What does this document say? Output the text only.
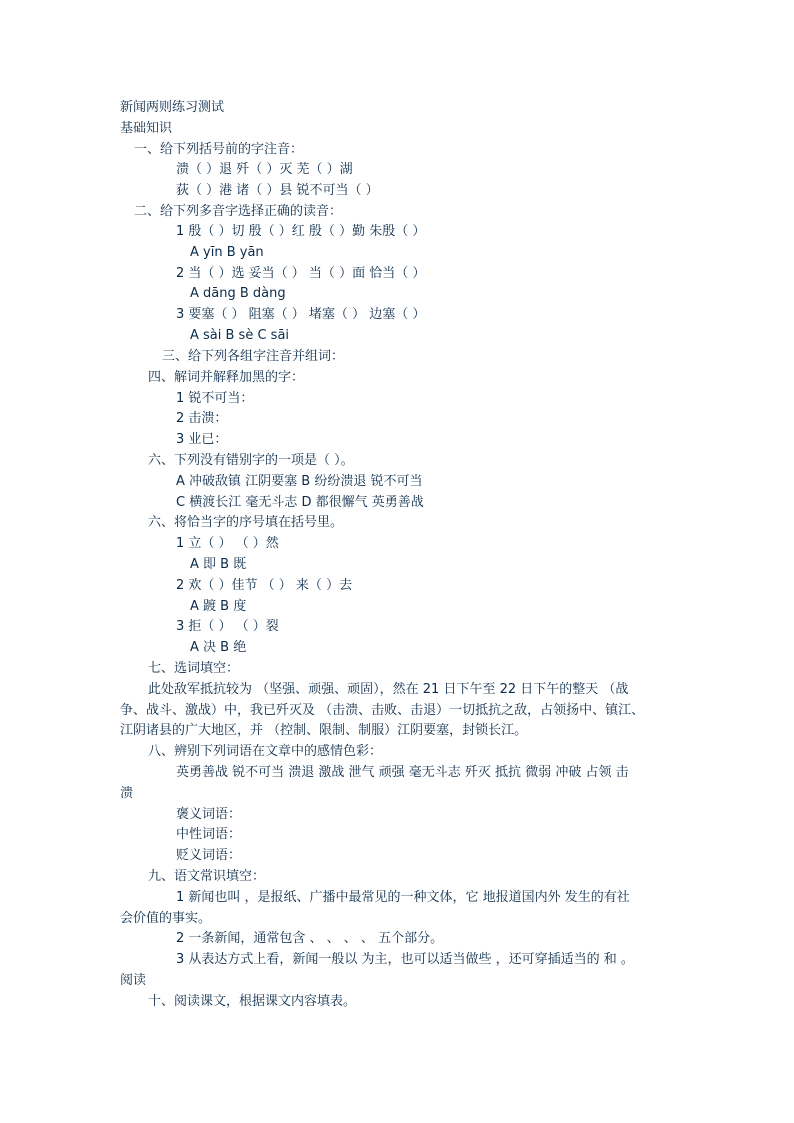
新闻两则练习测试
基础知识
一、给下列括号前的字注音：
溃（ ）退 歼（ ）灭 芜（ ）湖
荻（ ）港 诸（ ）县 锐不可当（ ）
二、给下列多音字选择正确的读音：
1 殷（ ）切 殷（ ）红 殷（ ）勤 朱殷（ ）
A yīn B yān
2 当（ ）选 妥当（ ） 当（ ）面 恰当（ ）
A dāng B dàng
3 要塞（ ） 阻塞（ ） 堵塞（ ） 边塞（ ）
A sài B sè C sāi
三、给下列各组字注音并组词：
四、解词并解释加黑的字：
1 锐不可当：
2 击溃：
3 业已：
六、下列没有错别字的一项是（ ）。
A 冲破敌镇 江阴要塞 B 纷纷溃退 锐不可当
C 横渡长江 毫无斗志 D 都很懈气 英勇善战
六、将恰当字的序号填在括号里。
1 立（ ） （ ）然
A 即 B 既
2 欢（ ）佳节 （ ） 来（ ）去
A 踱 B 度
3 拒（ ） （ ）裂
A 决 B 绝
七、选词填空：
此处敌军抵抗较为 （坚强、顽强、顽固），然在 21 日下午至 22 日下午的整天 （战
争、战斗、激战）中，我已歼灭及 （击溃、击败、击退）一切抵抗之敌，占领扬中、镇江、
江阴诸县的广大地区，并 （控制、限制、制服）江阴要塞，封锁长江。
八、辨别下列词语在文章中的感情色彩：
英勇善战 锐不可当 溃退 激战 泄气 顽强 毫无斗志 歼灭 抵抗 微弱 冲破 占领 击
溃
褒义词语：
中性词语：
贬义词语：
九、语文常识填空：
1 新闻也叫 ，是报纸、广播中最常见的一种文体，它 地报道国内外 发生的有社
会价值的事实。
2 一条新闻，通常包含 、 、 、 、 五个部分。
3 从表达方式上看，新闻一般以 为主，也可以适当做些 ，还可穿插适当的 和 。
阅读
十、阅读课文，根据课文内容填表。
